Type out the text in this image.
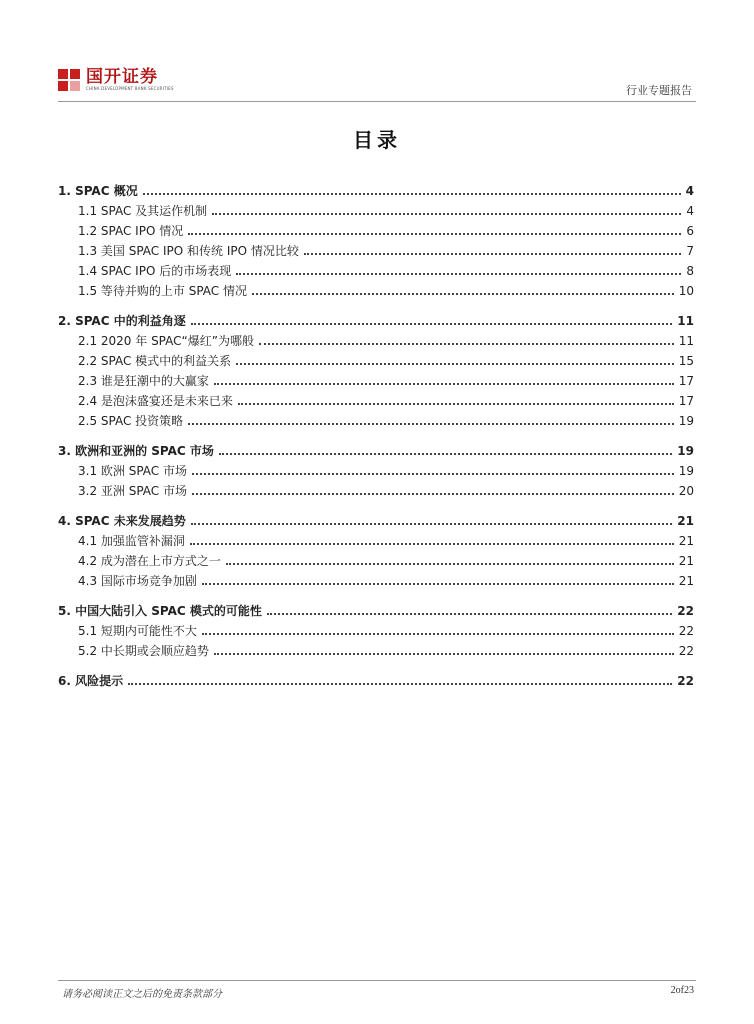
国开证券
CHINA DEVELOPMENT BANK SECURITIES	行业专题报告
目录
1. SPAC 概况	4
1.1 SPAC 及其运作机制	4
1.2 SPAC IPO 情况	6
1.3 美国 SPAC IPO 和传统 IPO 情况比较	7
1.4 SPAC IPO 后的市场表现	8
1.5 等待并购的上市 SPAC 情况	10
2. SPAC 中的利益角逐	11
2.1 2020 年 SPAC“爆红”为哪般	11
2.2 SPAC 模式中的利益关系	15
2.3 谁是狂潮中的大赢家	17
2.4 是泡沫盛宴还是未来已来	17
2.5 SPAC 投资策略	19
3. 欧洲和亚洲的 SPAC 市场	19
3.1 欧洲 SPAC 市场	19
3.2 亚洲 SPAC 市场	20
4. SPAC 未来发展趋势	21
4.1 加强监管补漏洞	21
4.2 成为潜在上市方式之一	21
4.3 国际市场竞争加剧	21
5. 中国大陆引入 SPAC 模式的可能性	22
5.1 短期内可能性不大	22
5.2 中长期或会顺应趋势	22
6. 风险提示	22
请务必阅读正文之后的免责条款部分	2of23
